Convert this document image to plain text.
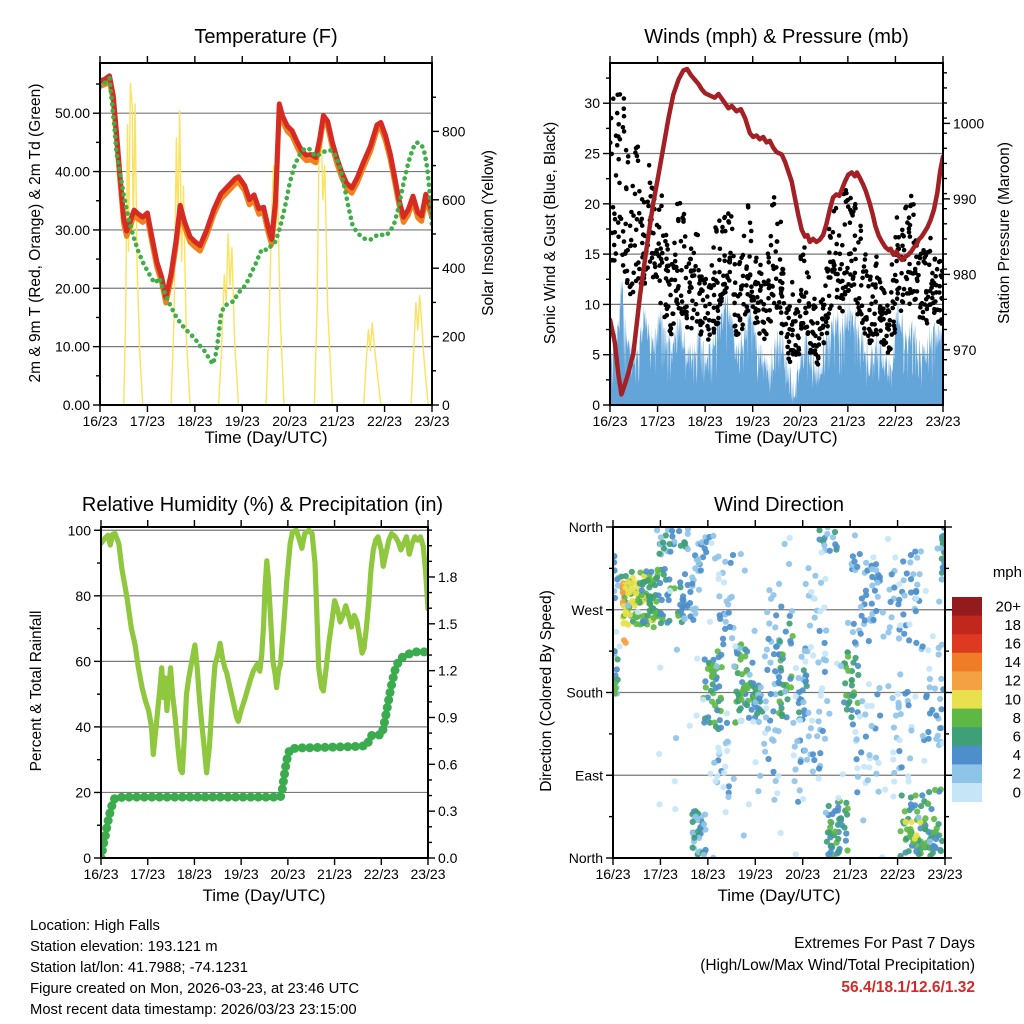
16/23 17/23 18/23 19/23 20/23 21/23 22/23 23/23
0.00
10.00
20.00
30.00
40.00
50.00
0
200
400
600
800
16/23 17/23 18/23 19/23 20/23 21/23 22/23 23/23
0
5
10
15
20
25
30
970
980
990
1000
16/23 17/23 18/23 19/23 20/23 21/23 22/23 23/23
0
20
40
60
80
100
0.0
0.3
0.6
0.9
1.2
1.5
1.8
16/23 17/23 18/23 19/23 20/23 21/23 22/23 23/23
North
East
South
West
North
20+
18
16
14
12
10
8
6
4
2
0
Temperature (F)	Winds (mph) & Pressure (mb)
Relative Humidity (%) & Precipitation (in)	Wind Direction
Time (Day/UTC)	Time (Day/UTC)
Time (Day/UTC)	Time (Day/UTC)
2m & 9m T (Red, Orange) & 2m Td (Green)	Solar Insolation (Yellow)	Sonic Wind & Gust (Blue, Black)	Station Pressure (Maroon)
Percent & Total Rainfall	Direction (Colored By Speed)
mph
Location: High Falls
Station elevation: 193.121 m
Station lat/lon: 41.7988; -74.1231
Figure created on Mon, 2026-03-23, at 23:46 UTC
Most recent data timestamp: 2026/03/23 23:15:00
Extremes For Past 7 Days
(High/Low/Max Wind/Total Precipitation)
56.4/18.1/12.6/1.32
